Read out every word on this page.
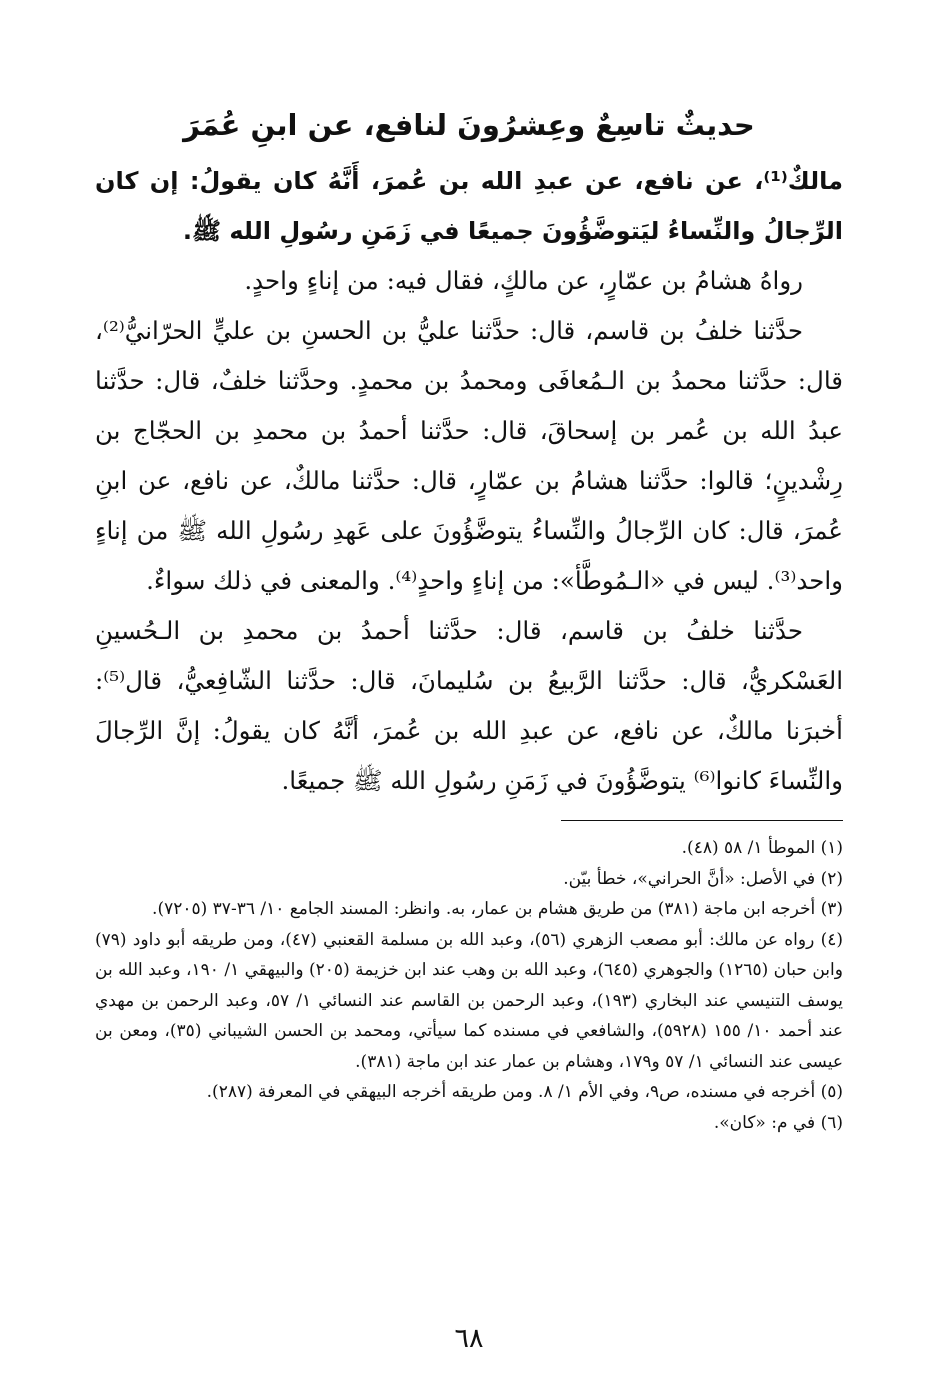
حديثٌ تاسِعٌ وعِشرُونَ لنافع، عن ابنِ عُمَرَ

مالكٌ⁽¹⁾، عن نافع، عن عبدِ الله بن عُمرَ، أَنَّهُ كان يقولُ: إن كان الرِّجالُ والنِّساءُ ليَتوضَّؤُونَ جميعًا في زَمَنِ رسُولِ الله ﷺ.

رواهُ هشامُ بن عمّارٍ، عن مالكٍ، فقال فيه: من إناءٍ واحدٍ.

حدَّثنا خلفُ بن قاسم، قال: حدَّثنا عليُّ بن الحسنِ بن عليٍّ الحرّانيُّ⁽²⁾، قال: حدَّثنا محمدُ بن الـمُعافَى ومحمدُ بن محمدٍ. وحدَّثنا خلفٌ، قال: حدَّثنا عبدُ الله بن عُمر بن إسحاقَ، قال: حدَّثنا أحمدُ بن محمدِ بن الحجّاج بن رِشْدينٍ؛ قالوا: حدَّثنا هشامُ بن عمّارٍ، قال: حدَّثنا مالكٌ، عن نافع، عن ابنِ عُمرَ، قال: كان الرِّجالُ والنِّساءُ يتوضَّؤُونَ على عَهدِ رسُولِ الله ﷺ من إناءٍ واحد⁽³⁾. ليس في «الـمُوطَّأ»: من إناءٍ واحدٍ⁽⁴⁾. والمعنى في ذلك سواءٌ.

حدَّثنا خلفُ بن قاسم، قال: حدَّثنا أحمدُ بن محمدِ بن الـحُسينِ العَسْكريُّ، قال: حدَّثنا الرَّبيعُ بن سُليمانَ، قال: حدَّثنا الشّافِعيُّ، قال⁽⁵⁾: أخبرَنا مالكٌ، عن نافع، عن عبدِ الله بن عُمرَ، أنَّهُ كان يقولُ: إنَّ الرِّجالَ والنِّساءَ كانوا⁽⁶⁾ يتوضَّؤُونَ في زَمَنِ رسُولِ الله ﷺ جميعًا.

(١) الموطأ ١/ ٥٨ (٤٨).

(٢) في الأصل: «أنَّ الحراني»، خطأ بيّن.

(٣) أخرجه ابن ماجة (٣٨١) من طريق هشام بن عمار، به. وانظر: المسند الجامع ١٠/ ٣٦-٣٧ (٧٢٠٥).

(٤) رواه عن مالك: أبو مصعب الزهري (٥٦)، وعبد الله بن مسلمة القعنبي (٤٧)، ومن طريقه أبو داود (٧٩) وابن حبان (١٢٦٥) والجوهري (٦٤٥)، وعبد الله بن وهب عند ابن خزيمة (٢٠٥) والبيهقي ١/ ١٩٠، وعبد الله بن يوسف التنيسي عند البخاري (١٩٣)، وعبد الرحمن بن القاسم عند النسائي ١/ ٥٧، وعبد الرحمن بن مهدي عند أحمد ١٠/ ١٥٥ (٥٩٢٨)، والشافعي في مسنده كما سيأتي، ومحمد بن الحسن الشيباني (٣٥)، ومعن بن عيسى عند النسائي ١/ ٥٧ و١٧٩، وهشام بن عمار عند ابن ماجة (٣٨١).

(٥) أخرجه في مسنده، ص٩، وفي الأم ١/ ٨. ومن طريقه أخرجه البيهقي في المعرفة (٢٨٧).

(٦) في م: «كان».

٦٨
